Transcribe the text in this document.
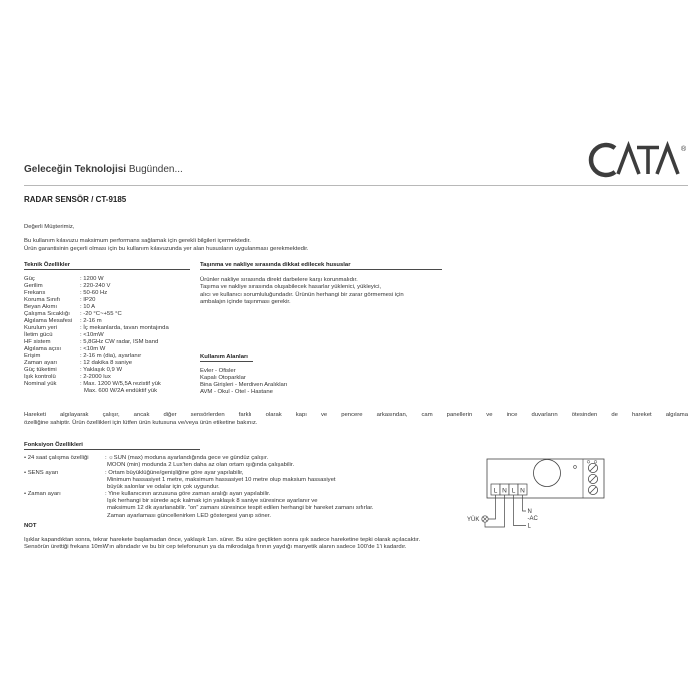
Geleceğin Teknolojisi Bugünden...
®
RADAR SENSÖR / CT-9185
Değerli Müşterimiz,
Bu kullanım kılavuzu maksimum performans sağlamak için gerekli bilgileri içermektedir.
Ürün garantisinin geçerli olması için bu kullanım kılavuzunda yer alan hususların uygulanması gerekmektedir.
Teknik Özellikler
Güç	: 1200 W
Gerilim	: 220-240 V
Frekans	: 50-60 Hz
Koruma Sınıfı	: IP20
Beyan Akımı	: 10 A
Çalışma Sıcaklığı : -20 °C~+55 °C
Algılama Mesafesi : 2-16 m
Kurulum yeri	: İç mekanlarda, tavan montajında
İletim gücü	: <10mW
HF sistem	: 5,8GHz CW radar, ISM band
Algılama açısı	: <10m W
Erişim	: 2-16 m (dia), ayarlanır
Zaman ayarı	: 12 dakika 8 saniye
Güç tüketimi	: Yaklaşık 0,9 W
Işık kontrolü	: 2-2000 lux
Nominal yük	: Max. 1200 W/5,5A rezistif yük
Max. 600 W/2A endüktif yük
Taşınma ve nakliye sırasında dikkat edilecek hususlar
Ürünler nakliye sırasında direkt darbelere karşı korunmalıdır.
Taşıma ve nakliye sırasında oluşabilecek hasarlar yüklenici, yükleyici,
alıcı ve kullanıcı sorumluluğundadır. Ürünün herhangi bir zarar görmemesi için
ambalajın içinde taşınması gerekir.
Kullanım Alanları
Evler - Ofisler
Kapalı Otoparklar
Bina Girişleri - Merdiven Aralıkları
AVM - Okul - Otel - Hastane
Hareketi algılayarak çalışır, ancak diğer sensörlerden farklı olarak kapı ve pencere arkasından, cam panellerin ve ince duvarların ötesinden de hareket algılama
özelliğine sahiptir. Ürün özellikleri için lütfen ürün kutusuna ve/veya ürün etiketine bakınız.
Fonksiyon Özellikleri
• 24 saat çalışma özelliği	: ☼SUN (max) moduna ayarlandığında gece ve gündüz çalışır.
MOON (min) modunda 2 Lux'ten daha az olan ortam ışığında çalışabilir.
• SENS ayarı	: Ortam büyüklüğüne/genişliğine göre ayar yapılabilir,
Minimum hassasiyet 1 metre, maksimum hassasiyet 10 metre olup maksium hassasiyet
büyük salonlar ve odalar için çok uygundur.
• Zaman ayarı	: Yine kullanıcının arzusuna göre zaman aralığı ayarı yapılabilir.
Işık herhangi bir sürede açık kalmak için yaklaşık 8 saniye süresince ayarlanır ve
maksimum 12 dk ayarlanabilir. “on” zamanı süresince tespit edilen herhangi bir hareket zamanı sıfırlar.
Zaman ayarlaması güncellenirken LED göstergesi yanıp söner.
NOT
Işıklar kapandıktan sonra, tekrar harekete başlamadan önce, yaklaşık 1sn. sürer. Bu süre geçtikten sonra ışık sadece hareketine tepki olarak açılacaktır.
Sensörün ürettiği frekans 10mW'ın altındadır ve bu bir cep telefonunun ya da mikrodalga fırının yaydığı manyetik alanın sadece 100'de 1'i kadardır.
L N L N
YÜK
N
-AC
L
